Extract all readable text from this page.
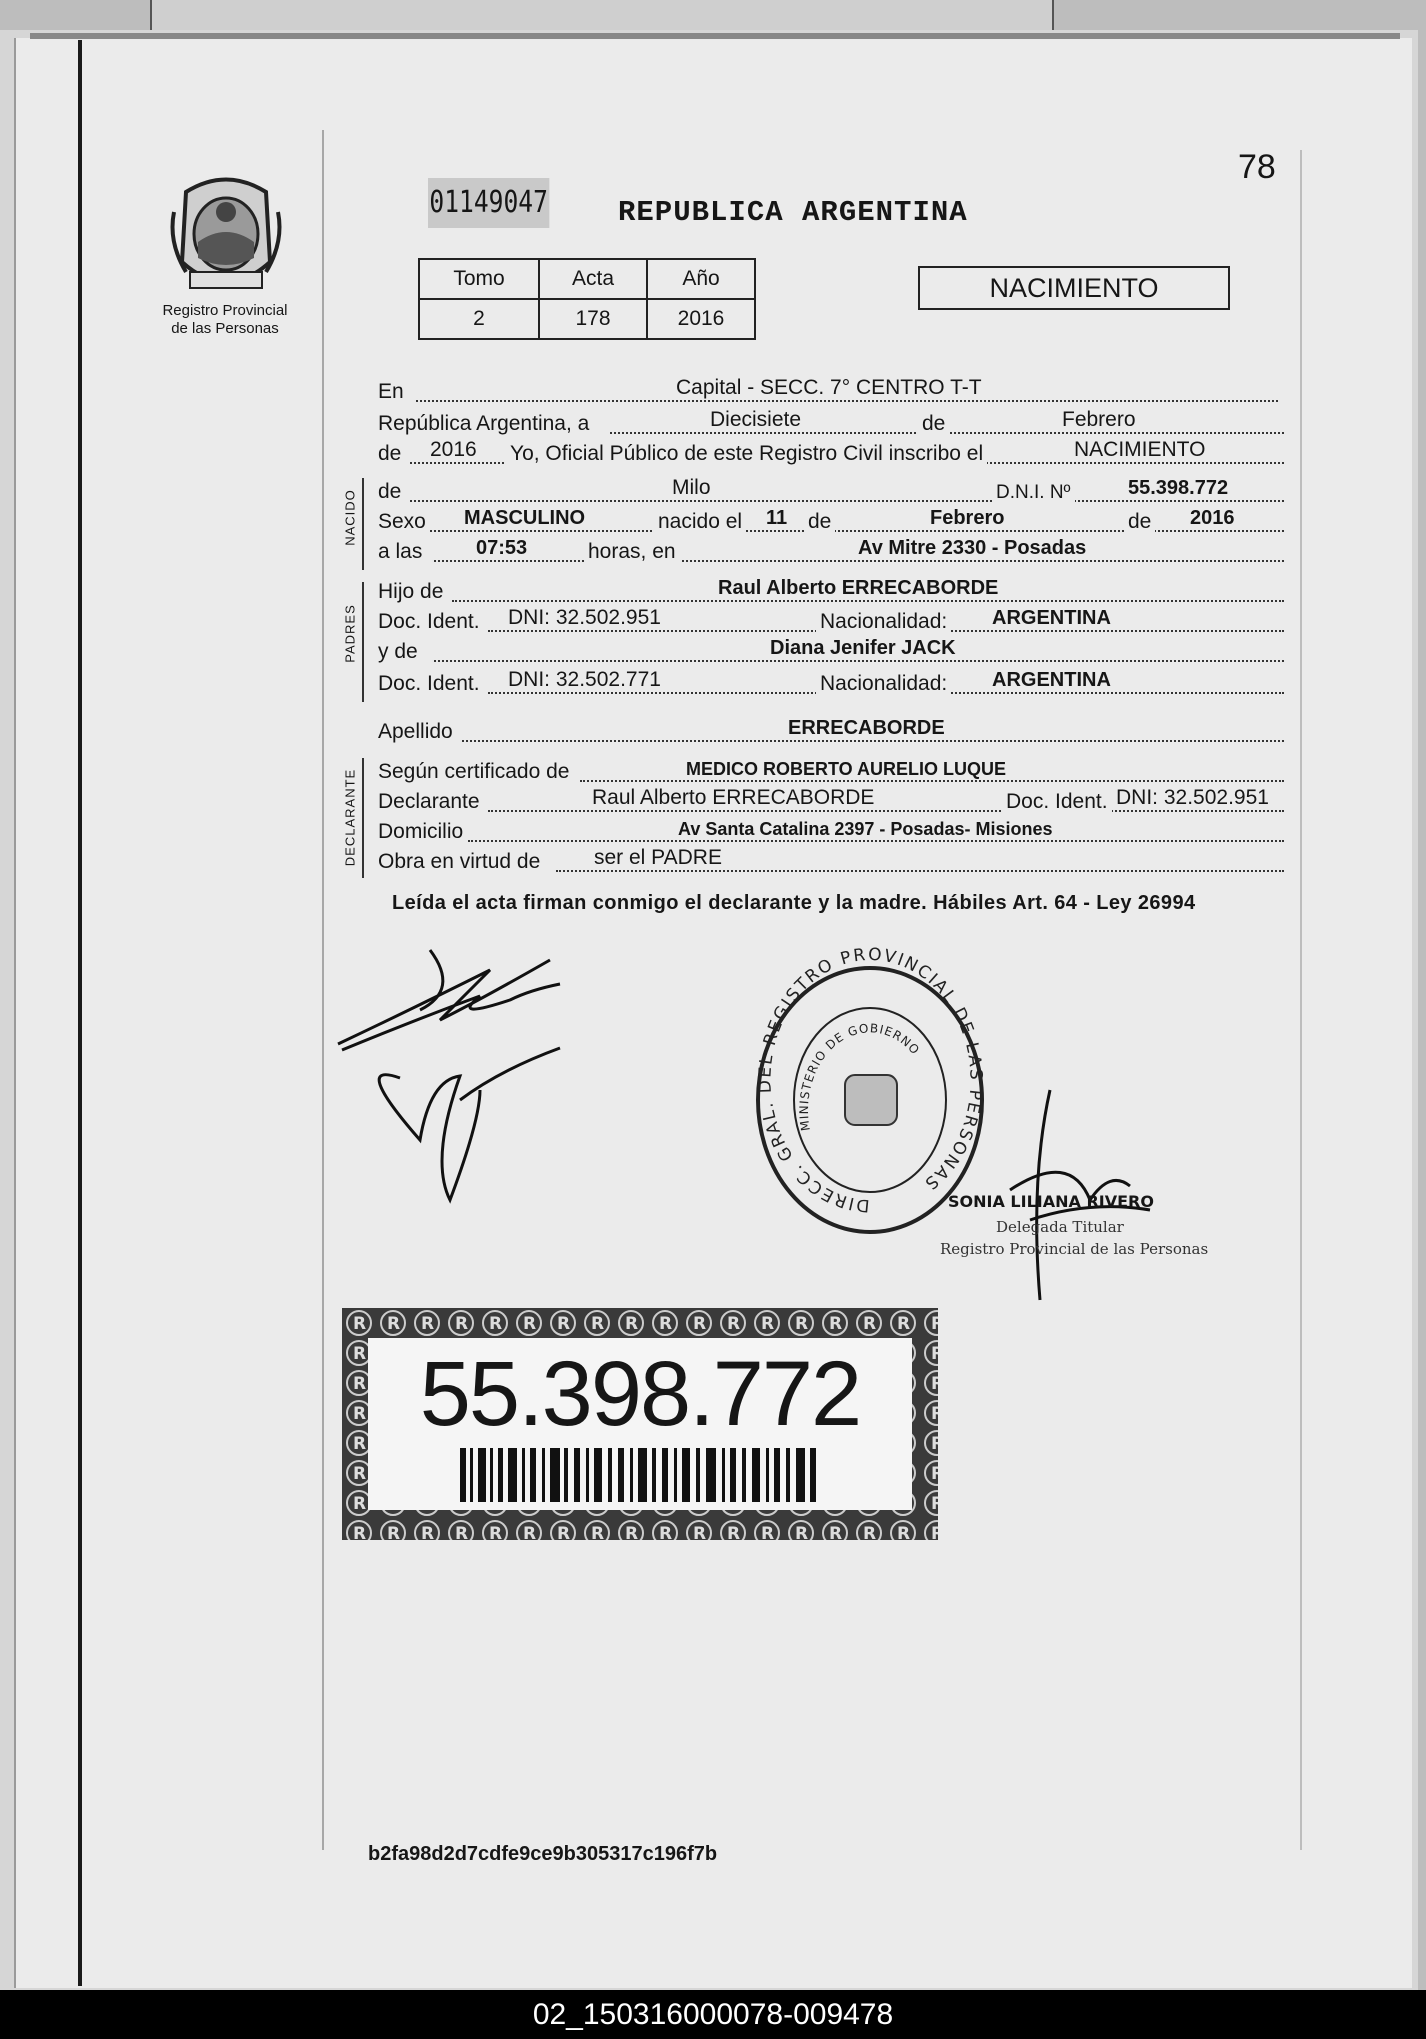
Registro Provincial
de las Personas
01149047 REPUBLICA ARGENTINA
78
Tomo	Acta	Año
2	178	2016
NACIMIENTO
NACIDO
PADRES
DECLARANTE
En	Capital - SECC. 7° CENTRO T-T
República Argentina, a	Diecisiete	de	Febrero
de 2016 Yo, Oficial Público de este Registro Civil inscribo el	NACIMIENTO
de	Milo	D.N.I. Nº	55.398.772
Sexo MASCULINO	nacido el 11 de	Febrero	de 2016
a las	07:53	horas, en	Av Mitre 2330 - Posadas
Hijo de	Raul Alberto ERRECABORDE
Doc. Ident. DNI: 32.502.951	Nacionalidad: ARGENTINA
y de	Diana Jenifer JACK
Doc. Ident. DNI: 32.502.771	Nacionalidad: ARGENTINA
Apellido	ERRECABORDE
Según certificado de	MEDICO ROBERTO AURELIO LUQUE
Declarante	Raul Alberto ERRECABORDE	Doc. Ident. DNI: 32.502.951
Domicilio	Av Santa Catalina 2397 - Posadas- Misiones
Obra en virtud de	ser el PADRE
Leída el acta firman conmigo el declarante y la madre. Hábiles Art. 64 - Ley 26994
DIRECC. GRAL. DEL REGISTRO PROVINCIAL DE LAS PERSONAS
MINISTERIO DE GOBIERNO
SONIA LILIANA RIVERO
Delegada Titular
Registro Provincial de las Personas
55.398.772
b2fa98d2d7cdfe9ce9b305317c196f7b
02_150316000078-009478
